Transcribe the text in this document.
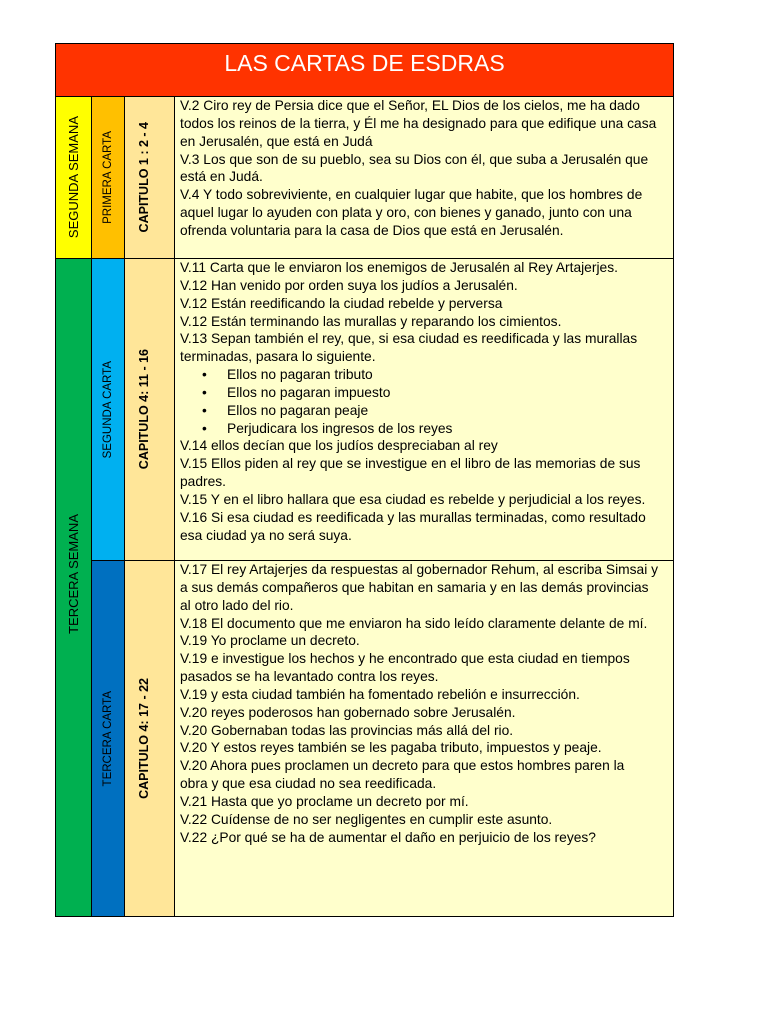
LAS CARTAS DE ESDRAS
SEGUNDA SEMANA
TERCERA SEMANA
PRIMERA CARTA
SEGUNDA CARTA
TERCERA CARTA
CAPITULO 1 : 2 - 4
CAPITULO 4: 11 - 16
CAPITULO 4: 17 - 22
V.2 Ciro rey de Persia dice que el Señor, EL Dios de los cielos, me ha dado
todos los reinos de la tierra, y Él me ha designado para que edifique una casa
en Jerusalén, que está en Judá
V.3 Los que son de su pueblo, sea su Dios con él, que suba a Jerusalén que
está en Judá.
V.4 Y todo sobreviviente, en cualquier lugar que habite, que los hombres de
aquel lugar lo ayuden con plata y oro, con bienes y ganado, junto con una
ofrenda voluntaria para la casa de Dios que está en Jerusalén.
V.11 Carta que le enviaron los enemigos de Jerusalén al Rey Artajerjes.
V.12 Han venido por orden suya los judíos a Jerusalén.
V.12 Están reedificando la ciudad rebelde y perversa
V.12 Están terminando las murallas y reparando los cimientos.
V.13 Sepan también el rey, que, si esa ciudad es reedificada y las murallas
terminadas, pasara lo siguiente.
•
Ellos no pagaran tributo
•
Ellos no pagaran impuesto
•
Ellos no pagaran peaje
•
Perjudicara los ingresos de los reyes
V.14 ellos decían que los judíos despreciaban al rey
V.15 Ellos piden al rey que se investigue en el libro de las memorias de sus
padres.
V.15 Y en el libro hallara que esa ciudad es rebelde y perjudicial a los reyes.
V.16 Si esa ciudad es reedificada y las murallas terminadas, como resultado
esa ciudad ya no será suya.
V.17 El rey Artajerjes da respuestas al gobernador Rehum, al escriba Simsai y
a sus demás compañeros que habitan en samaria y en las demás provincias
al otro lado del rio.
V.18 El documento que me enviaron ha sido leído claramente delante de mí.
V.19 Yo proclame un decreto.
V.19 e investigue los hechos y he encontrado que esta ciudad en tiempos
pasados se ha levantado contra los reyes.
V.19 y esta ciudad también ha fomentado rebelión e insurrección.
V.20 reyes poderosos han gobernado sobre Jerusalén.
V.20 Gobernaban todas las provincias más allá del rio.
V.20 Y estos reyes también se les pagaba tributo, impuestos y peaje.
V.20 Ahora pues proclamen un decreto para que estos hombres paren la
obra y que esa ciudad no sea reedificada.
V.21 Hasta que yo proclame un decreto por mí.
V.22 Cuídense de no ser negligentes en cumplir este asunto.
V.22 ¿Por qué se ha de aumentar el daño en perjuicio de los reyes?
